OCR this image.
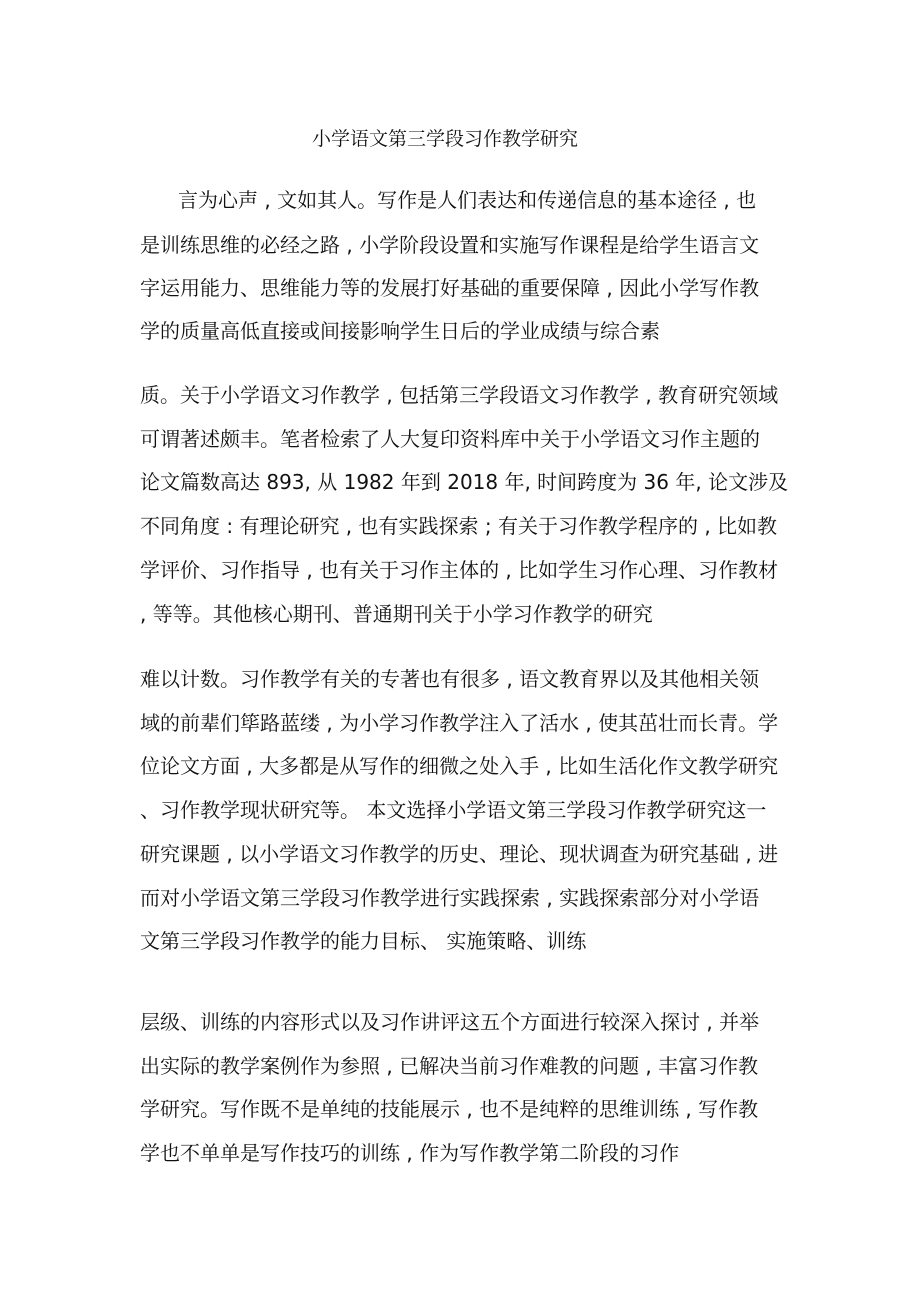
小学语文第三学段习作教学研究
言为心声 , 文如其人。写作是人们表达和传递信息的基本途径 , 也
是训练思维的必经之路 , 小学阶段设置和实施写作课程是给学生语言文
字运用能力、思维能力等的发展打好基础的重要保障 , 因此小学写作教
学的质量高低直接或间接影响学生日后的学业成绩与综合素
质。关于小学语文习作教学 , 包括第三学段语文习作教学 , 教育研究领域
可谓著述颇丰。笔者检索了人大复印资料库中关于小学语文习作主题的
论文篇数高达 893, 从 1982 年到 2018 年, 时间跨度为 36 年, 论文涉及
不同角度 : 有理论研究 , 也有实践探索 ; 有关于习作教学程序的 , 比如教
学评价、习作指导 , 也有关于习作主体的 , 比如学生习作心理、习作教材
, 等等。其他核心期刊、普通期刊关于小学习作教学的研究
难以计数。习作教学有关的专著也有很多 , 语文教育界以及其他相关领
域的前辈们筚路蓝缕 , 为小学习作教学注入了活水 , 使其茁壮而长青。学
位论文方面 , 大多都是从写作的细微之处入手 , 比如生活化作文教学研究
、习作教学现状研究等。 本文选择小学语文第三学段习作教学研究这一
研究课题 , 以小学语文习作教学的历史、理论、现状调查为研究基础 , 进
而对小学语文第三学段习作教学进行实践探索 , 实践探索部分对小学语
文第三学段习作教学的能力目标、 实施策略、训练
层级、训练的内容形式以及习作讲评这五个方面进行较深入探讨 , 并举
出实际的教学案例作为参照 , 已解决当前习作难教的问题 , 丰富习作教
学研究。写作既不是单纯的技能展示 , 也不是纯粹的思维训练 , 写作教
学也不单单是写作技巧的训练 , 作为写作教学第二阶段的习作
